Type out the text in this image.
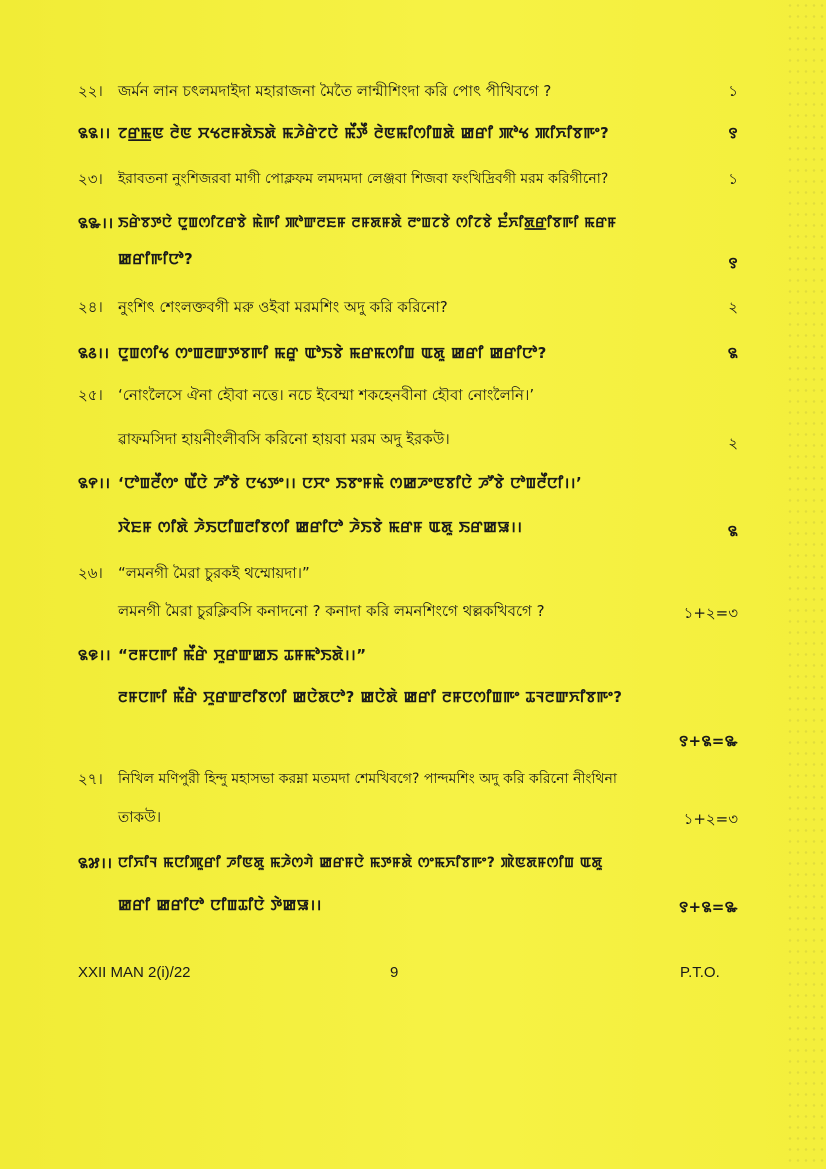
২২।	জর্মন লান চৎলমদাইদা মহারাজনা মৈতৈ লান্মীশিংদা করি পোৎ পীখিবগে ?	১
꯲꯲।। ꯖꯔ꯭ꯃꯟ ꯂꯥꯟ ꯆꯠꯂꯝꯗꯥꯏꯗꯥ ꯃꯍꯥꯔꯥꯖꯅꯥ ꯃꯩꯇꯩ ꯂꯥꯟꯃꯤꯁꯤꯡꯗꯥ ꯀꯔꯤ ꯄꯣꯠ ꯄꯤꯈꯤꯕꯒꯦ?	꯱
২৩।	ইরাবতনা নুংশিজরবা মাগী পোক্লফম লমদমদা লেঞ্জবা শিজবা ফংখিদ্রিবগী মরম করিগীনো?	১
꯲꯳।। ꯏꯔꯥꯕꯇꯅꯥ ꯅꯨꯡꯁꯤꯖꯔꯕꯥ ꯃꯥꯒꯤ ꯄꯣꯛꯂꯐꯝ ꯂꯝꯗꯝꯗꯥ ꯂꯦꯡꯖꯕꯥ ꯁꯤꯖꯕꯥ ꯐꯪꯈꯤꯗ꯭ꯔꯤꯕꯒꯤ ꯃꯔꯝ
ꯀꯔꯤꯒꯤꯅꯣ?	꯱
২৪।	নুংশিৎ শেংলক্তবগী মরু ওইবা মরমশিং অদু করি করিনো?	২
꯲꯴।। ꯅꯨꯡꯁꯤꯠ ꯁꯦꯡꯂꯛꯇꯕꯒꯤ ꯃꯔꯨ ꯑꯣꯏꯕꯥ ꯃꯔꯃꯁꯤꯡ ꯑꯗꯨ ꯀꯔꯤ ꯀꯔꯤꯅꯣ?	꯲
২৫।	‘নোংলৈসে ঐনা হৌবা নত্তে। নচে ইবেম্মা শকহেনবীনা হৌবা নোংলৈনি।’
ৱাফমসিদা হায়নীংলীবসি করিনো হায়বা মরম অদু ইরকউ।	২
꯲꯵।। ‘ꯅꯣꯡꯂꯩꯁꯦ ꯑꯩꯅꯥ ꯍꯧꯕꯥ ꯅꯠꯇꯦ।। ꯅꯆꯦ ꯏꯕꯦꯝꯃꯥ ꯁꯀꯍꯦꯟꯕꯤꯅꯥ ꯍꯧꯕꯥ ꯅꯣꯡꯂꯩꯅꯤ।।’
ꯋꯥꯐꯝ ꯁꯤꯗꯥ ꯍꯥꯏꯅꯤꯡꯂꯤꯕꯁꯤ ꯀꯔꯤꯅꯣ ꯍꯥꯏꯕꯥ ꯃꯔꯝ ꯑꯗꯨ ꯏꯔꯀꯎ।।	꯲
২৬।	“লমনগী মৈরা চুরকই থম্মোয়দা।”
লমনগী মৈরা চুরক্লিবসি কনাদনো ? কনাদা করি লমনশিংগে থল্লকখিবগে ?	১+২=৩
꯲꯶।। “ꯂꯝꯅꯒꯤ ꯃꯩꯔꯥ ꯆꯨꯔꯛꯀꯏ ꯊꯝꯃꯣꯏꯗꯥ।।”
ꯂꯝꯅꯒꯤ ꯃꯩꯔꯥ ꯆꯨꯔꯛꯂꯤꯕꯁꯤ ꯀꯅꯥꯗꯅꯣ? ꯀꯅꯥꯗꯥ ꯀꯔꯤ ꯂꯝꯅꯁꯤꯡꯒꯦ ꯊꯜꯂꯛꯈꯤꯕꯒꯦ?
꯱+꯲=꯳
২৭।	নিখিল মণিপুরী হিন্দু মহাসভা করম্না মতমদা শেমখিবগে? পান্দমশিং অদু করি করিনো নীংথিনা
তাকউ।	১+২=৩
꯲꯷।। ꯅꯤꯈꯤꯜ ꯃꯅꯤꯄꯨꯔꯤ ꯍꯤꯟꯗꯨ ꯃꯍꯥꯁꯚꯥ ꯀꯔꯝꯅꯥ ꯃꯇꯝꯗꯥ ꯁꯦꯃꯈꯤꯕꯒꯦ? ꯄꯥꯟꯗꯝꯁꯤꯡ ꯑꯗꯨ
ꯀꯔꯤ ꯀꯔꯤꯅꯣ ꯅꯤꯡꯊꯤꯅꯥ ꯇꯥꯀꯎ।।	꯱+꯲=꯳
XXII MAN 2(i)/22	9	P.T.O.
